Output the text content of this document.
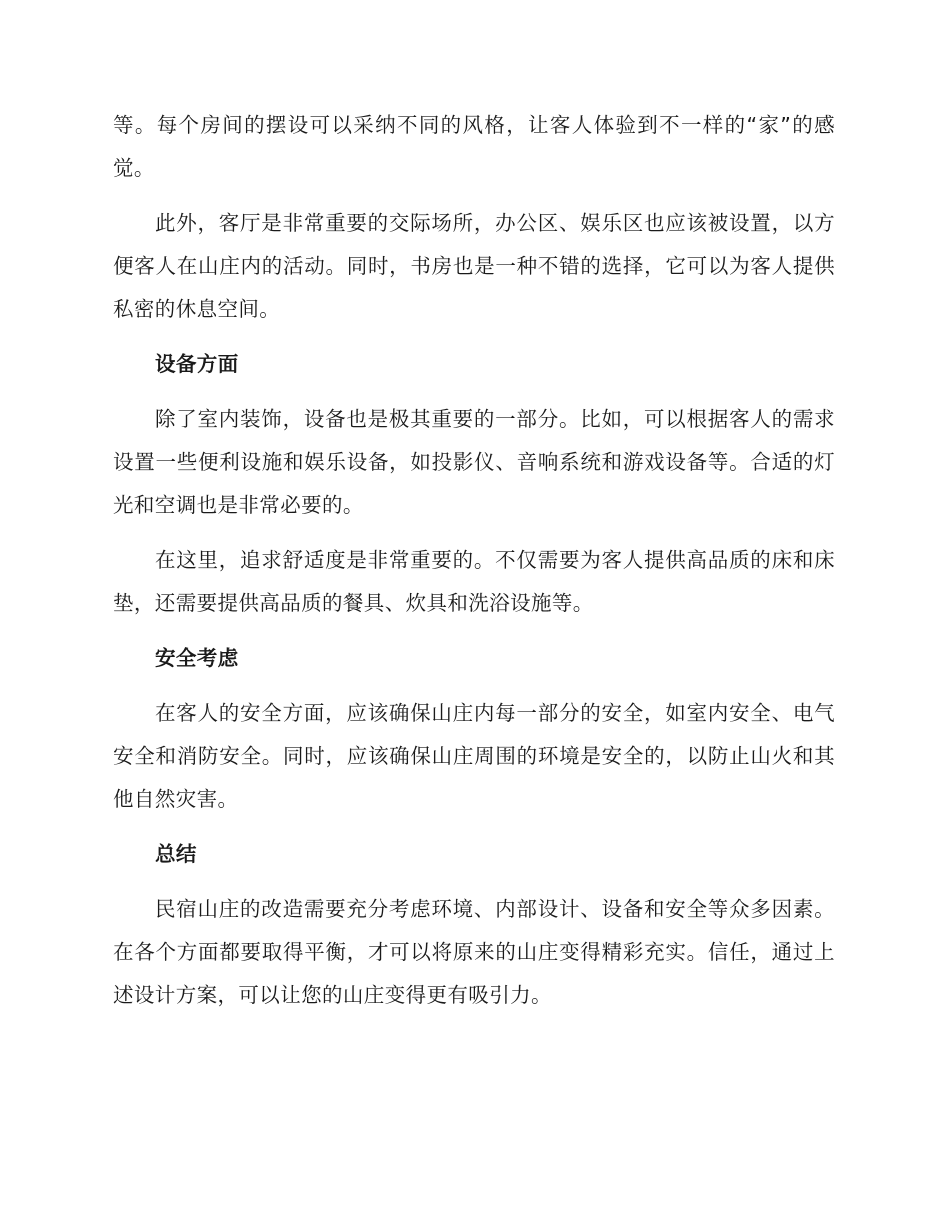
等。每个房间的摆设可以采纳不同的风格，让客人体验到不一样的“家”的感觉。

此外，客厅是非常重要的交际场所，办公区、娱乐区也应该被设置，以方便客人在山庄内的活动。同时，书房也是一种不错的选择，它可以为客人提供私密的休息空间。

设备方面

除了室内装饰，设备也是极其重要的一部分。比如，可以根据客人的需求设置一些便利设施和娱乐设备，如投影仪、音响系统和游戏设备等。合适的灯光和空调也是非常必要的。

在这里，追求舒适度是非常重要的。不仅需要为客人提供高品质的床和床垫，还需要提供高品质的餐具、炊具和洗浴设施等。

安全考虑

在客人的安全方面，应该确保山庄内每一部分的安全，如室内安全、电气安全和消防安全。同时，应该确保山庄周围的环境是安全的，以防止山火和其他自然灾害。

总结

民宿山庄的改造需要充分考虑环境、内部设计、设备和安全等众多因素。在各个方面都要取得平衡，才可以将原来的山庄变得精彩充实。信任，通过上述设计方案，可以让您的山庄变得更有吸引力。
